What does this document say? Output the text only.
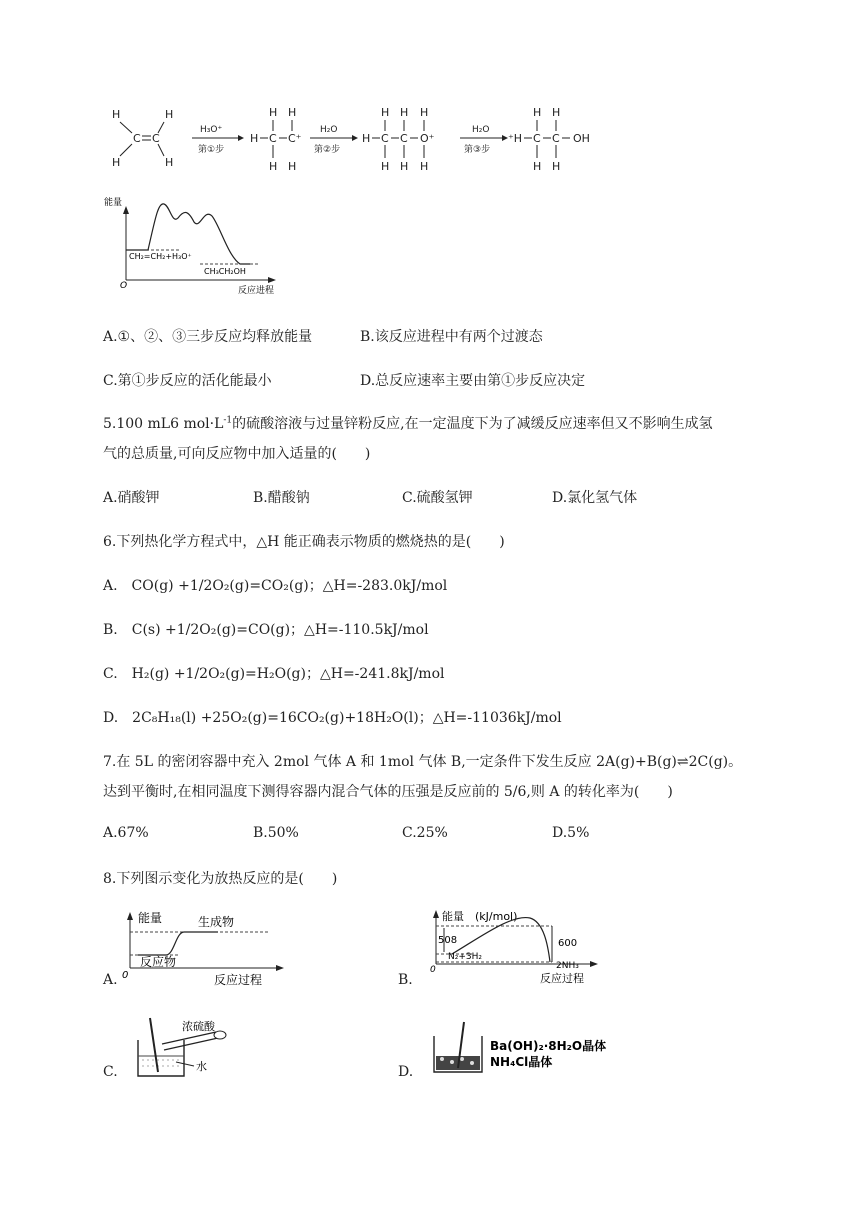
H	H
H	H
C C
H₃O⁺
第①步
H C C⁺
H H
H H
H₂O
第②步
H C C O⁺
H H H
H H H
H₂O
第③步
⁺H C C OH
H H
H H
能量
反应进程
O
CH₂=CH₂+H₃O⁺
CH₃CH₂OH
A.①、②、③三步反应均释放能量	B.该反应进程中有两个过渡态
C.第①步反应的活化能最小	D.总反应速率主要由第①步反应决定
5.100 mL6 $mol\cdot L^{-1}$的硫酸溶液与过量锌粉反应,在一定温度下为了减缓反应速率但又不影响生成氢
气的总质量,可向反应物中加入适量的(　　)
A.硝酸钾	B.醋酸钠	C.硫酸氢钾	D.氯化氢气体
6.下列热化学方程式中，△H 能正确表示物质的燃烧热的是(　　)
A.　CO(g) +1/2O₂(g)=CO₂(g)；△H=-283.0kJ/mol
B.　C(s) +1/2O₂(g)=CO(g)；△H=-110.5kJ/mol
C.　H₂(g) +1/2O₂(g)=H₂O(g)；△H=-241.8kJ/mol
D.　2C₈H₁₈(l) +25O₂(g)=16CO₂(g)+18H₂O(l)；△H=-11036kJ/mol
7.在 5L 的密闭容器中充入 2mol 气体 A 和 1mol 气体 B,一定条件下发生反应 2A(g)+B(g)⇌2C(g)。
达到平衡时,在相同温度下测得容器内混合气体的压强是反应前的 5/6,则 A 的转化率为(　　)
A.67%	B.50%	C.25%	D.5%
8.下列图示变化为放热反应的是(　　)
A.
能量	生成物
反应物
0	反应过程	B.
能量　(kJ/mol)
508	600
N₂+3H₂
2NH₃
0
反应过程
C.
浓硫酸
水	D.
Ba(OH)₂·8H₂O晶体
NH₄Cl晶体
